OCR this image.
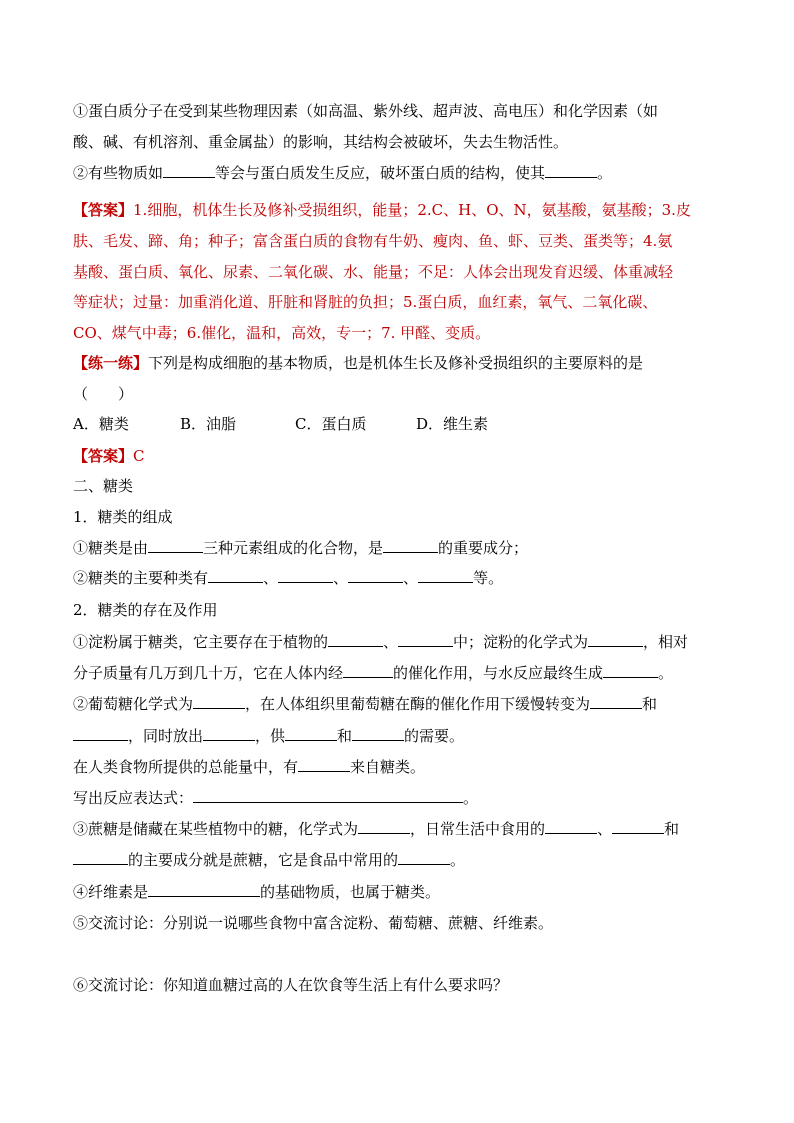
①蛋白质分子在受到某些物理因素（如高温、紫外线、超声波、高电压）和化学因素（如
酸、碱、有机溶剂、重金属盐）的影响，其结构会被破坏，失去生物活性。
②有些物质如	等会与蛋白质发生反应，破坏蛋白质的结构，使其	。
【答案】1.细胞，机体生长及修补受损组织，能量；2.C、H、O、N，氨基酸，氨基酸；3.皮
肤、毛发、蹄、角；种子；富含蛋白质的食物有牛奶、瘦肉、鱼、虾、豆类、蛋类等；4.氨
基酸、蛋白质、氧化、尿素、二氧化碳、水、能量；不足：人体会出现发育迟缓、体重减轻
等症状；过量：加重消化道、肝脏和肾脏的负担；5.蛋白质，血红素，氧气、二氧化碳、
CO、煤气中毒；6.催化，温和，高效，专一；7. 甲醛、变质。
【练一练】下列是构成细胞的基本物质，也是机体生长及修补受损组织的主要原料的是
（　　）
A．糖类	B．油脂	C．蛋白质	D．维生素
【答案】C
二、糖类
1．糖类的组成
①糖类是由	三种元素组成的化合物，是	的重要成分；
②糖类的主要种类有	、	、	、	等。
2．糖类的存在及作用
①淀粉属于糖类，它主要存在于植物的	、	中；淀粉的化学式为	，相对
分子质量有几万到几十万，它在人体内经	的催化作用，与水反应最终生成	。
②葡萄糖化学式为	，在人体组织里葡萄糖在酶的催化作用下缓慢转变为	和
，同时放出	，供	和	的需要。
在人类食物所提供的总能量中，有	来自糖类。
写出反应表达式：	。
③蔗糖是储藏在某些植物中的糖，化学式为	，日常生活中食用的	、	和
的主要成分就是蔗糖，它是食品中常用的	。
④纤维素是	的基础物质，也属于糖类。
⑤交流讨论：分别说一说哪些食物中富含淀粉、葡萄糖、蔗糖、纤维素。
⑥交流讨论：你知道血糖过高的人在饮食等生活上有什么要求吗？
